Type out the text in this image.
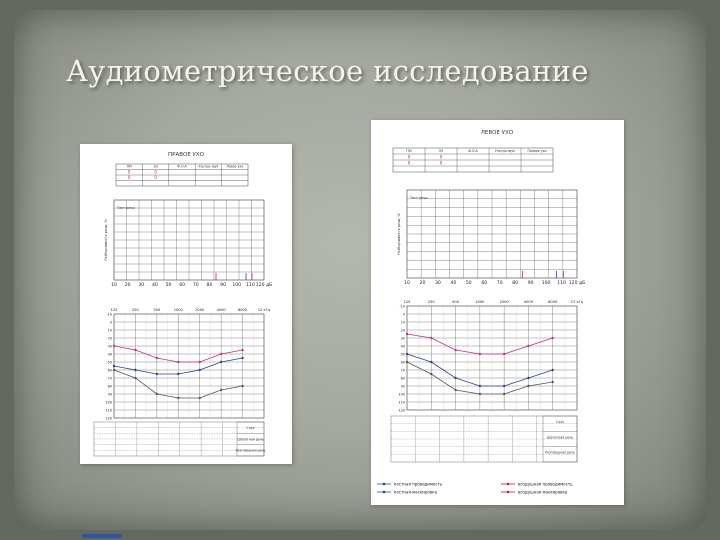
Аудиометрическое исследование
ПРАВОЕ УХО
ПМ	ЭЭ	Ф.О.А	Ультра-звук Левое ухо
0	0
0	0
Разборчивость речи, %
Тест речи
10 20 30 40 50 60 70 80 90 100 110 120 дБ
125	250	500	1000	2000	4000	8000	12 кГц
-10
0
10
20
30
40
50
60
70
80
90
100
110
120
Слух
Шёпотная речь
Разговорная речь
ЛЕВОЕ УХО
ПМ	ЭЭ	Ф.О.А	Ультра-звук	Правое ухо
0	0
0	0
Разборчивость речи, %
Тест речи
10 20 30 40 50 60 70 80 90 100 110 120 дБ
125	250	500	1000	2000	4000	8000	12 кГц
-10
0
10
20
30
40
50
60
70
80
90
100
110
120
Слух
Шёпотная речь
Разговорная речь
костная проводимость	воздушная проводимость
костная маскировка	воздушная маскировка
